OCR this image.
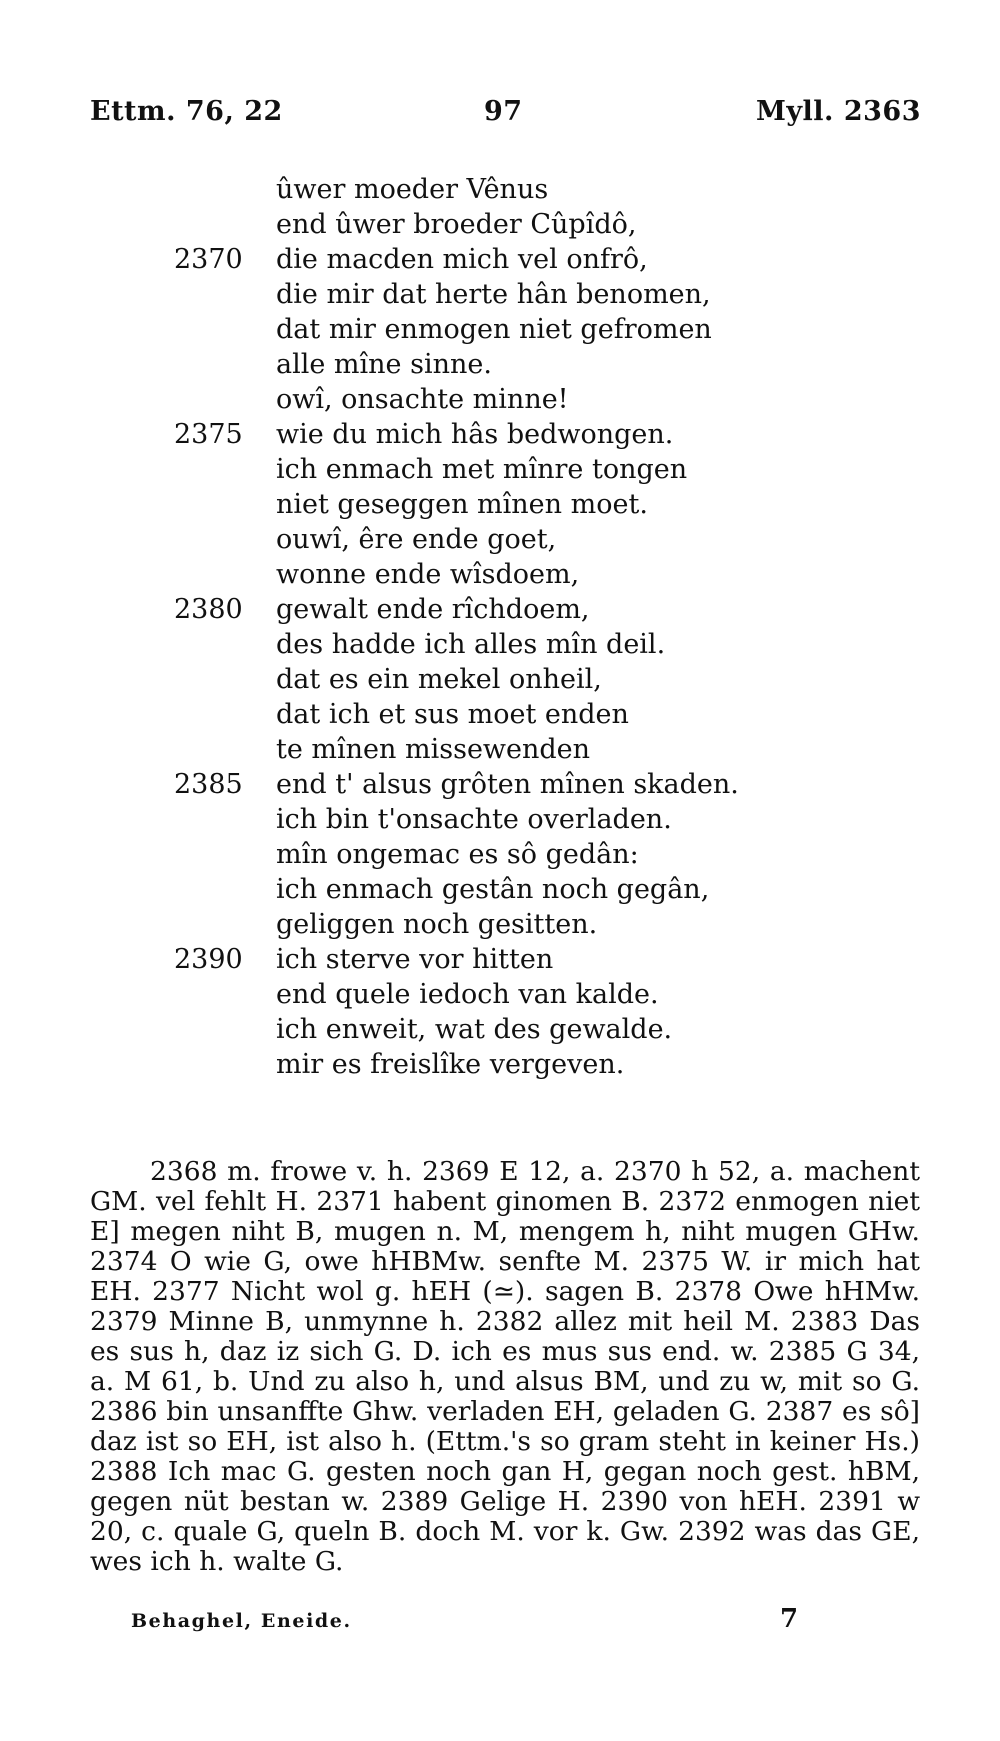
Ettm. 76, 22	97	Myll. 2363
ûwer moeder Vênus
end ûwer broeder Cûpîdô,
2370 die macden mich vel onfrô,
die mir dat herte hân benomen,
dat mir enmogen niet gefromen
alle mîne sinne.
owî, onsachte minne!
2375 wie du mich hâs bedwongen.
ich enmach met mînre tongen
niet geseggen mînen moet.
ouwî, êre ende goet,
wonne ende wîsdoem,
2380 gewalt ende rîchdoem,
des hadde ich alles mîn deil.
dat es ein mekel onheil,
dat ich et sus moet enden
te mînen missewenden
2385 end t' alsus grôten mînen skaden.
ich bin t'onsachte overladen.
mîn ongemac es sô gedân:
ich enmach gestân noch gegân,
geliggen noch gesitten.
2390 ich sterve vor hitten
end quele iedoch van kalde.
ich enweit, wat des gewalde.
mir es freislîke vergeven.

2368 m. frowe v. h. 2369 E 12, a. 2370 h 52, a. machent GM. vel fehlt H. 2371 habent ginomen B. 2372 enmogen niet E] megen niht B, mugen n. M, mengem h, niht mugen GHw. 2374 O wie G, owe hHBMw. senfte M. 2375 W. ir mich hat EH. 2377 Nicht wol g. hEH (≃). sagen B. 2378 Owe hHMw. 2379 Minne B, unmynne h. 2382 allez mit heil M. 2383 Das es sus h, daz iz sich G. D. ich es mus sus end. w. 2385 G 34, a. M 61, b. Und zu also h, und alsus BM, und zu w, mit so G. 2386 bin unsanffte Ghw. verladen EH, geladen G. 2387 es sô] daz ist so EH, ist also h. (Ettm.'s so gram steht in keiner Hs.) 2388 Ich mac G. gesten noch gan H, gegan noch gest. hBM, gegen nüt bestan w. 2389 Gelige H. 2390 von hEH. 2391 w 20, c. quale G, queln B. doch M. vor k. Gw. 2392 was das GE, wes ich h. walte G.

Behaghel, Eneide.	7
